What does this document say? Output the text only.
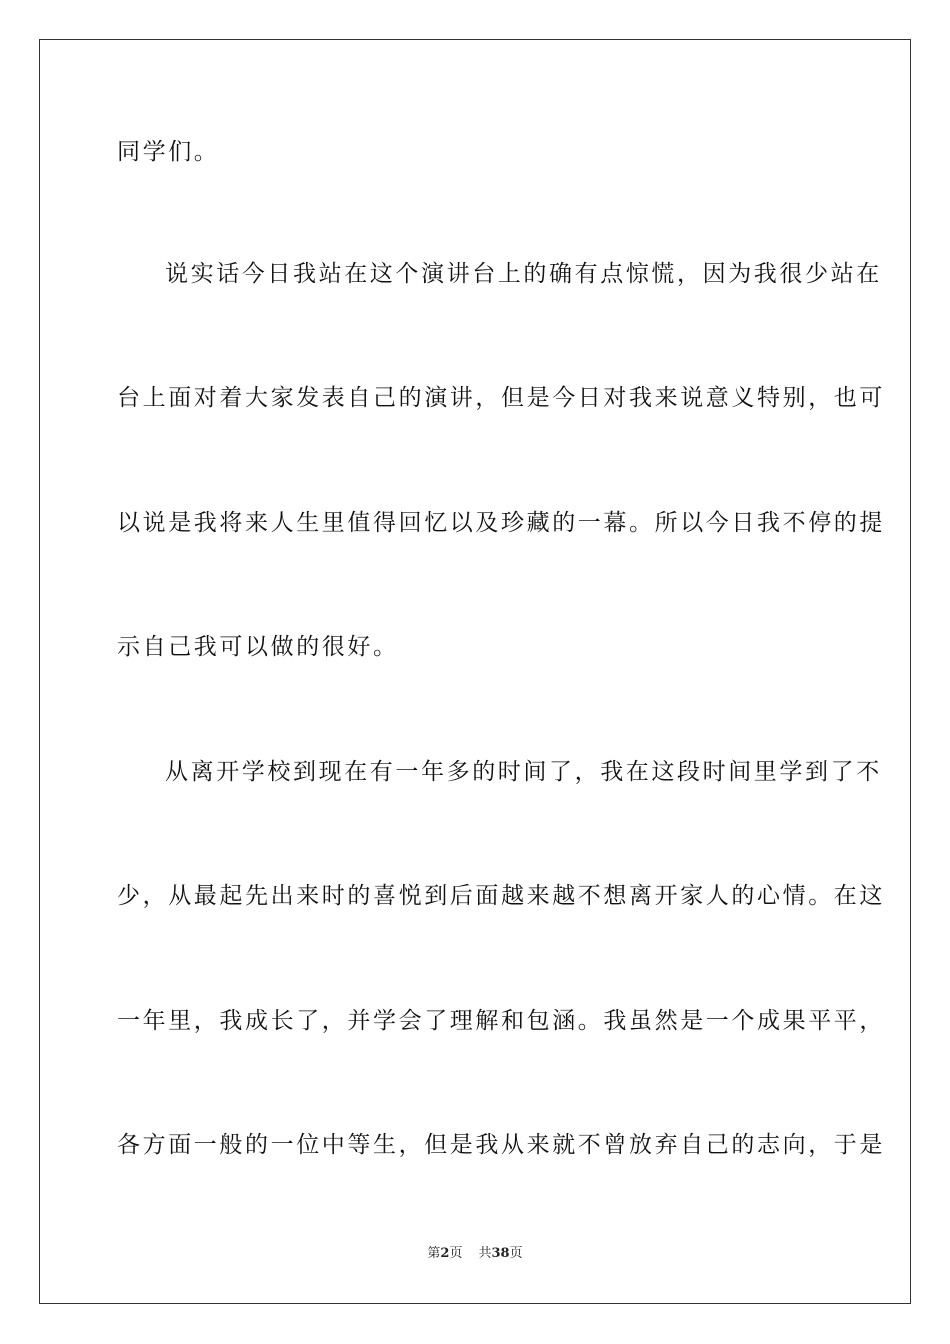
同学们。
说实话今日我站在这个演讲台上的确有点惊慌，因为我很少站在
台上面对着大家发表自己的演讲，但是今日对我来说意义特别，也可
以说是我将来人生里值得回忆以及珍藏的一幕。所以今日我不停的提
示自己我可以做的很好。
从离开学校到现在有一年多的时间了，我在这段时间里学到了不
少，从最起先出来时的喜悦到后面越来越不想离开家人的心情。在这
一年里，我成长了，并学会了理解和包涵。我虽然是一个成果平平，
各方面一般的一位中等生，但是我从来就不曾放弃自己的志向，于是
第2页 共38页
